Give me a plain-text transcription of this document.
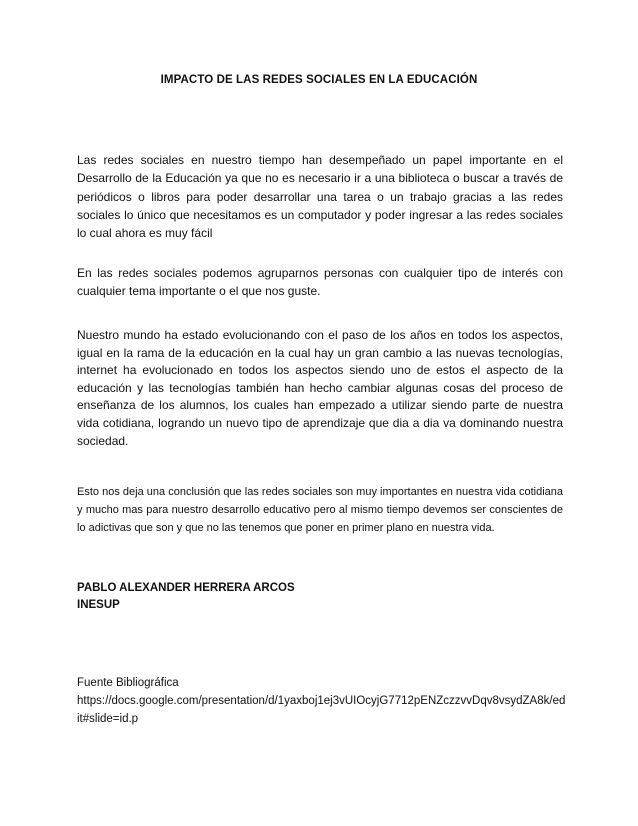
IMPACTO DE LAS REDES SOCIALES EN LA EDUCACIÓN

Las redes sociales en nuestro tiempo han desempeñado un papel importante en el Desarrollo de la Educación ya que no es necesario ir a una biblioteca o buscar a través de periódicos o libros para poder desarrollar una tarea o un trabajo gracias a las redes sociales lo único que necesitamos es un computador y poder ingresar a las redes sociales lo cual ahora es muy fácil

En las redes sociales podemos agruparnos personas con cualquier tipo de interés con cualquier tema importante o el que nos guste.

Nuestro mundo ha estado evolucionando con el paso de los años en todos los aspectos, igual en la rama de la educación en la cual hay un gran cambio a las nuevas tecnologías, internet ha evolucionado en todos los aspectos siendo uno de estos el aspecto de la educación y las tecnologías también han hecho cambiar algunas cosas del proceso de enseñanza de los alumnos, los cuales han empezado a utilizar siendo parte de nuestra vida cotidiana, logrando un nuevo tipo de aprendizaje que dia a dia va dominando nuestra sociedad.

Esto nos deja una conclusión que las redes sociales son muy importantes en nuestra vida cotidiana y mucho mas para nuestro desarrollo educativo pero al mismo tiempo devemos ser conscientes de lo adictivas que son y que no las tenemos que poner en primer plano en nuestra vida.

PABLO ALEXANDER HERRERA ARCOS
INESUP
Fuente Bibliográfica
https://docs.google.com/presentation/d/1yaxboj1ej3vUIOcyjG7712pENZczzvvDqv8vsydZA8k/edit#slide=id.p
